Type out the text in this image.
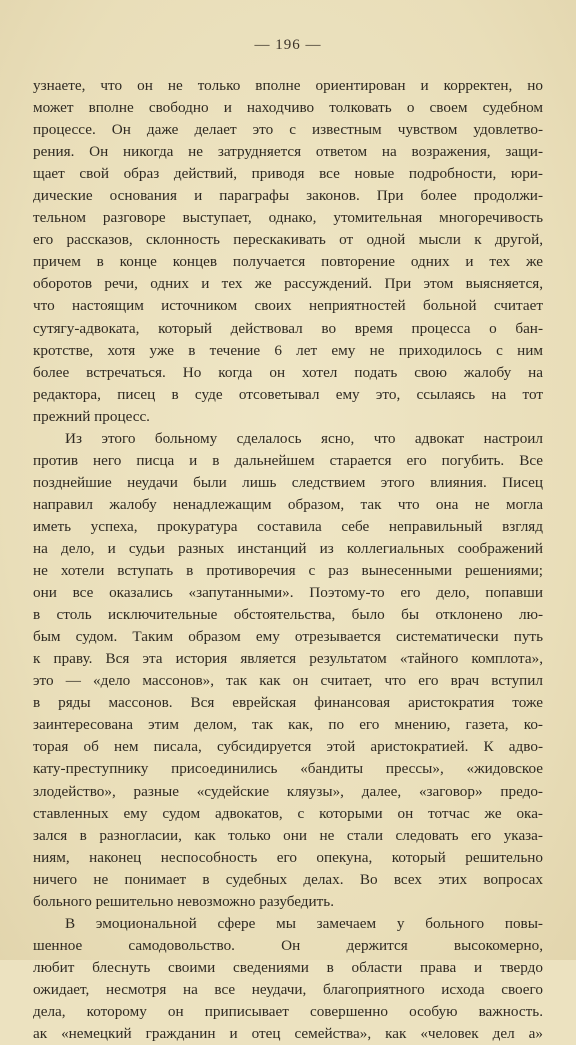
— 196 —
узнаете, что он не только вполне ориентирован и корректен, но
может вполне свободно и находчиво толковать о своем судебном
процессе. Он даже делает это с известным чувством удовлетво-
рения. Он никогда не затрудняется ответом на возражения, защи-
щает свой образ действий, приводя все новые подробности, юри-
дические основания и параграфы законов. При более продолжи-
тельном разговоре выступает, однако, утомительная многоречивость
его рассказов, склонность перескакивать от одной мысли к другой,
причем в конце концев получается повторение одних и тех же
оборотов речи, одних и тех же рассуждений. При этом выясняется,
что настоящим источником своих неприятностей больной считает
сутягу-адвоката, который действовал во время процесса о бан-
кротстве, хотя уже в течение 6 лет ему не приходилось с ним
более встречаться. Но когда он хотел подать свою жалобу на
редактора, писец в суде отсоветывал ему это, ссылаясь на тот
прежний процесс.
Из этого больному сделалось ясно, что адвокат настроил
против него писца и в дальнейшем старается его погубить. Все
позднейшие неудачи были лишь следствием этого влияния. Писец
направил жалобу ненадлежащим образом, так что она не могла
иметь успеха, прокуратура составила себе неправильный взгляд
на дело, и судьи разных инстанций из коллегиальных соображений
не хотели вступать в противоречия с раз вынесенными решениями;
они все оказались «запутанными». Поэтому-то его дело, попавши
в столь исключительные обстоятельства, было бы отклонено лю-
бым судом. Таким образом ему отрезывается систематически путь
к праву. Вся эта история является результатом «тайного комплота»,
это — «дело массонов», так как он считает, что его врач вступил
в ряды массонов. Вся еврейская финансовая аристократия тоже
заинтересована этим делом, так как, по его мнению, газета, ко-
торая об нем писала, субсидируется этой аристократией. К адво-
кату-преступнику присоединились «бандиты прессы», «жидовское
злодейство», разные «судейские кляузы», далее, «заговор» предо-
ставленных ему судом адвокатов, с которыми он тотчас же ока-
зался в разногласии, как только они не стали следовать его указа-
ниям, наконец неспособность его опекуна, который решительно
ничего не понимает в судебных делах. Во всех этих вопросах
больного решительно невозможно разубедить.
В эмоциональной сфере мы замечаем у больного повы-
шенное самодовольство. Он держится высокомерно,
любит блеснуть своими сведениями в области права и твердо
ожидает, несмотря на все неудачи, благоприятного исхода своего
дела, которому он приписывает совершенно особую важность.
ак «немецкий гражданин и отец семейства», как «человек дел а»
